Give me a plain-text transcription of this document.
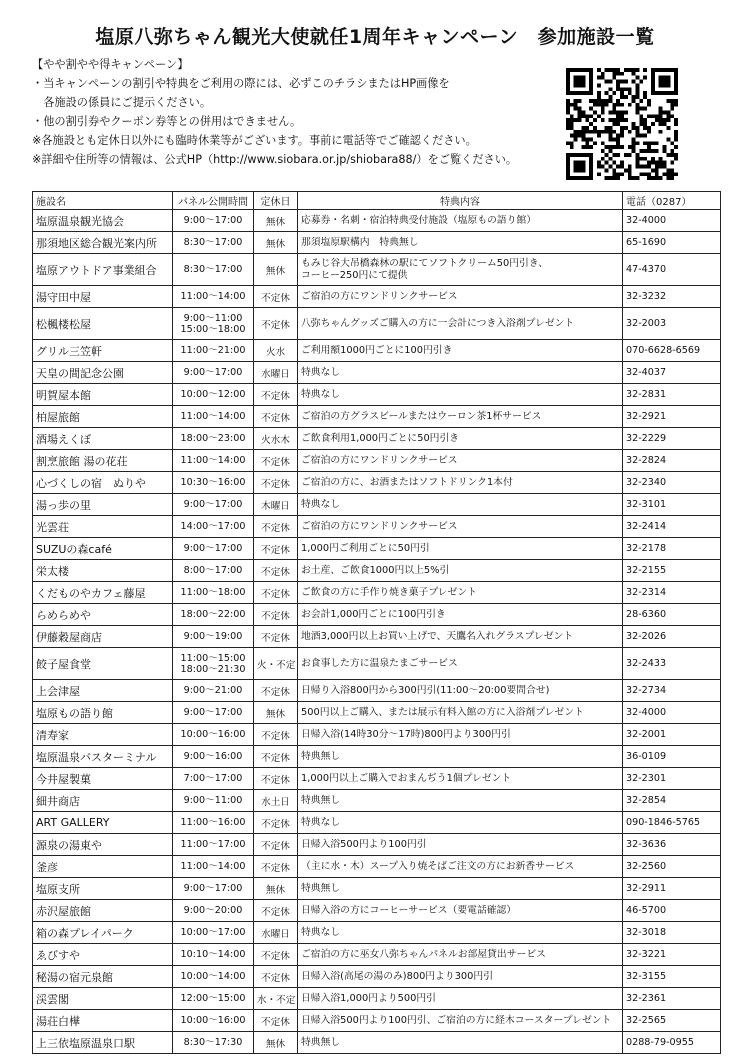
塩原八弥ちゃん観光大使就任1周年キャンペーン　参加施設一覧
【やや割やや得キャンペーン】
・当キャンペーンの割引や特典をご利用の際には、必ずこのチラシまたはHP画像を
　各施設の係員にご提示ください。
・他の割引券やクーポン券等との併用はできません。
※各施設とも定休日以外にも臨時休業等がございます。事前に電話等でご確認ください。
※詳細や住所等の情報は、公式HP（http://www.siobara.or.jp/shiobara88/）をご覧ください。
施設名	パネル公開時間	定休日	特典内容	電話（0287）
塩原温泉観光協会	9:00～17:00	無休	応募券・名刺・宿泊特典受付施設（塩原もの語り館）	32-4000
那須地区総合観光案内所	8:30～17:00	無休	那須塩原駅構内　特典無し	65-1690
塩原アウトドア事業組合	8:30～17:00	無休	もみじ谷大吊橋森林の駅にてソフトクリーム50円引き、
コーヒー250円にて提供	47-4370
湯守田中屋	11:00～14:00	不定休	ご宿泊の方にワンドリンクサービス	32-3232
松楓楼松屋	9:00～11:00
15:00～18:00	不定休	八弥ちゃんグッズご購入の方に一会計につき入浴剤プレゼント	32-2003
グリル三笠軒	11:00～21:00	火水	ご利用額1000円ごとに100円引き	070-6628-6569
天皇の間記念公園	9:00～17:00	水曜日	特典なし	32-4037
明賀屋本館	10:00～12:00	不定休	特典なし	32-2831
柏屋旅館	11:00～14:00	不定休	ご宿泊の方グラスビールまたはウーロン茶1杯サービス	32-2921
酒場えくぼ	18:00～23:00	火水木	ご飲食利用1,000円ごとに50円引き	32-2229
割烹旅館 湯の花荘	11:00～14:00	不定休	ご宿泊の方にワンドリンクサービス	32-2824
心づくしの宿　ぬりや	10:30～16:00	不定休	ご宿泊の方に、お酒またはソフトドリンク1本付	32-2340
湯っ歩の里	9:00～17:00	木曜日	特典なし	32-3101
光雲荘	14:00～17:00	不定休	ご宿泊の方にワンドリンクサービス	32-2414
SUZUの森café	9:00～17:00	不定休	1,000円ご利用ごとに50円引	32-2178
栄太楼	8:00～17:00	不定休	お土産、ご飲食1000円以上5%引	32-2155
くだものやカフェ藤屋	11:00～18:00	不定休	ご飲食の方に手作り焼き菓子プレゼント	32-2314
らめらめや	18:00～22:00	不定休	お会計1,000円ごとに100円引き	28-6360
伊藤穀屋商店	9:00～19:00	不定休	地酒3,000円以上お買い上げで、天鷹名入れグラスプレゼント	32-2026
餃子屋食堂	11:00～15:00
18:00～21:30	火・不定	お食事した方に温泉たまごサービス	32-2433
上会津屋	9:00～21:00	不定休	日帰り入浴800円から300円引(11:00～20:00要問合せ)	32-2734
塩原もの語り館	9:00～17:00	無休	500円以上ご購入、または展示有料入館の方に入浴剤プレゼント	32-4000
清寿家	10:00～16:00	不定休	日帰入浴(14時30分～17時)800円より300円引	32-2001
塩原温泉バスターミナル	9:00～16:00	不定休	特典無し	36-0109
今井屋製菓	7:00～17:00	不定休	1,000円以上ご購入でおまんぢう1個プレゼント	32-2301
細井商店	9:00～11:00	水土日	特典無し	32-2854
ART GALLERY	11:00～16:00	不定休	特典なし	090-1846-5765
源泉の湯東や	11:00～17:00	不定休	日帰入浴500円より100円引	32-3636
釜彦	11:00～14:00	不定休	（主に水・木）スープ入り焼そばご注文の方にお新香サービス	32-2560
塩原支所	9:00～17:00	無休	特典無し	32-2911
赤沢屋旅館	9:00～20:00	不定休	日帰入浴の方にコーヒーサービス（要電話確認）	46-5700
箱の森プレイパーク	10:00～17:00	水曜日	特典なし	32-3018
ゑびすや	10:10～14:00	不定休	ご宿泊の方に巫女八弥ちゃんパネルお部屋貸出サービス	32-3221
秘湯の宿元泉館	10:00～14:00	不定休	日帰入浴(高尾の湯のみ)800円より300円引	32-3155
渓雲閣	12:00～15:00	水・不定	日帰入浴1,000円より500円引	32-2361
湯荘白樺	10:00～16:00	不定休	日帰入浴500円より100円引、ご宿泊の方に経木コースタープレゼント	32-2565
上三依塩原温泉口駅	8:30～17:30	無休	特典無し	0288-79-0955
